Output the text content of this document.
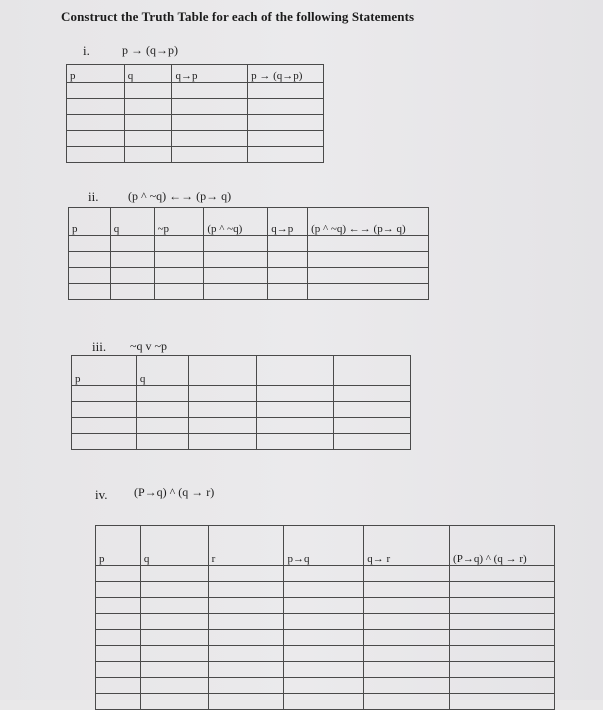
Construct the Truth Table for each of the following Statements
i.	p → (q→p)
p	q	q→p	p → (q→p)

ii. (p ^ ~q) ←→ (p→ q)
p	q	~p	(p ^ ~q)	q→p	(p ^ ~q) ←→ (p→ q)

iii. ~q v ~p
p	q			

iv. (P→q) ^ (q → r)
p	q	r	p→q	q→ r	(P→q) ^ (q → r)
